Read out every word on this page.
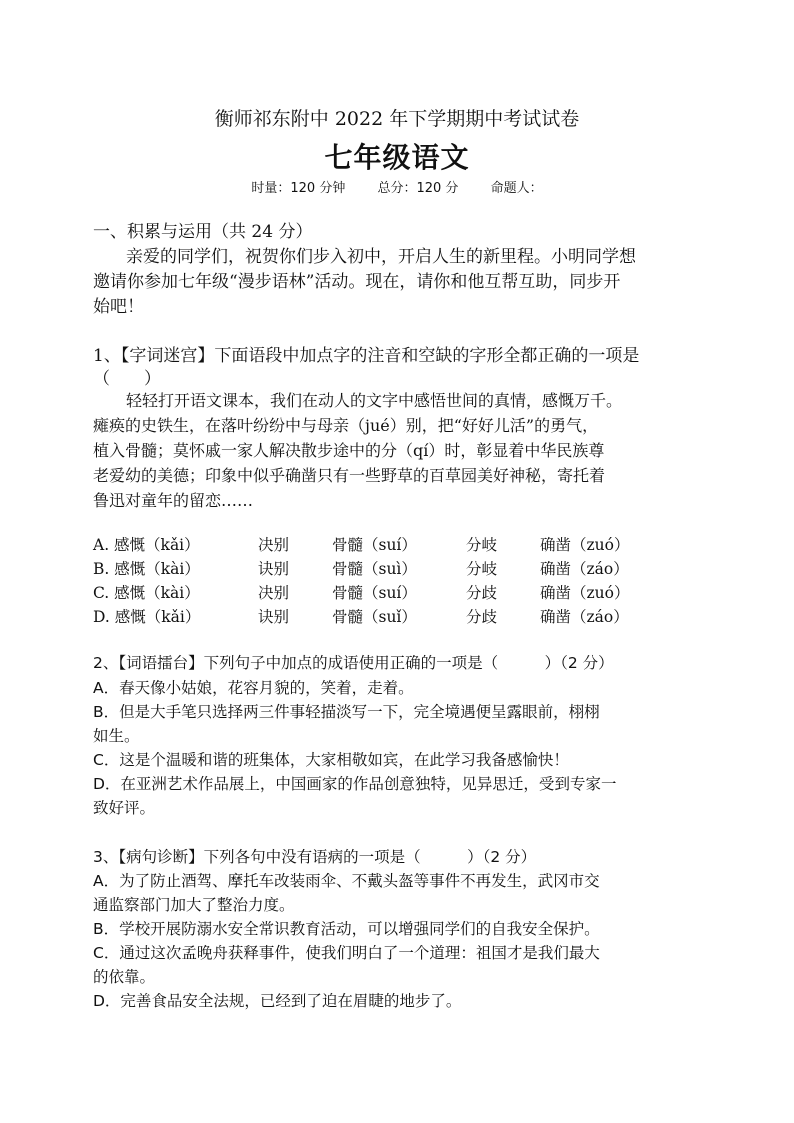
衡师祁东附中 2022 年下学期期中考试试卷
七年级语文
时量：120 分钟 总分：120 分 命题人：
一、积累与运用（共 24 分）
亲爱的同学们，祝贺你们步入初中，开启人生的新里程。小明同学想
邀请你参加七年级“漫步语林”活动。现在，请你和他互帮互助，同步开
始吧！
1、【字词迷宫】下面语段中加点字的注音和空缺的字形全都正确的一项是
（　　）
轻轻打开语文课本，我们在动人的文字中感悟世间的真情，感慨万千。
瘫痪的史铁生，在落叶纷纷中与母亲（jué）别，把“好好儿活”的勇气，
植入骨髓；莫怀戚一家人解决散步途中的分（qí）时，彰显着中华民族尊
老爱幼的美德；印象中似乎确凿只有一些野草的百草园美好神秘，寄托着
鲁迅对童年的留恋……
A. 感慨（kǎi）	决别	骨髓（suí）	分岐	确凿（zuó）
B. 感慨（kài）	诀别	骨髓（suì）	分岐	确凿（záo）
C. 感慨（kài）	决别	骨髓（suí）	分歧	确凿（zuó）
D. 感慨（kǎi）	诀别	骨髓（suǐ）	分歧	确凿（záo）
2、【词语擂台】下列句子中加点的成语使用正确的一项是（　　　）（2 分）
A．春天像小姑娘，花容月貌的，笑着，走着。
B．但是大手笔只选择两三件事轻描淡写一下，完全境遇便呈露眼前，栩栩
如生。
C．这是个温暖和谐的班集体，大家相敬如宾，在此学习我备感愉快！
D．在亚洲艺术作品展上，中国画家的作品创意独特，见异思迁，受到专家一
致好评。
3、【病句诊断】下列各句中没有语病的一项是（　　　）（2 分）
A．为了防止酒驾、摩托车改装雨伞、不戴头盔等事件不再发生，武冈市交
通监察部门加大了整治力度。
B．学校开展防溺水安全常识教育活动，可以增强同学们的自我安全保护。
C．通过这次孟晚舟获释事件，使我们明白了一个道理：祖国才是我们最大
的依靠。
D．完善食品安全法规，已经到了迫在眉睫的地步了。
